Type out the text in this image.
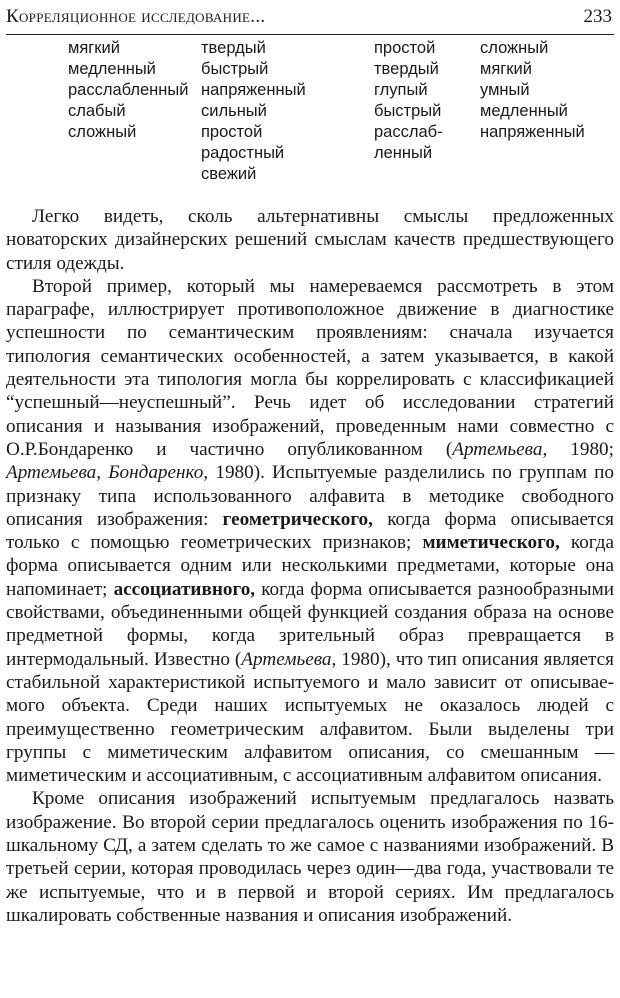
Корреляционное исследование...	233
мягкий
медленный
расслабленный
слабый
сложный
твердый
быстрый
напряженный
сильный
простой
радостный
свежий
простой
твердый
глупый
быстрый
расслаб-
ленный
сложный
мягкий
умный
медленный
напряженный

Легко видеть, сколь альтернативны смыслы предложенных новаторских дизайнерских решений смыслам качеств предшествующего стиля одежды.

Второй пример, который мы намереваемся рассмотреть в этом параграфе, иллюстрирует противоположное движение в диагностике успешности по семантическим проявлениям: сначала изучается типология семантических особенностей, а затем указывается, в какой деятельности эта типология могла бы коррелировать с классификацией “успешный—неуспешный”. Речь идет об исследовании стратегий описания и называния изображений, проведенным нами совместно с О.Р.Бондаренко и частично опубликованном (Артемьева, 1980; Артемьева, Бондаренко, 1980). Испытуемые разделились по группам по признаку типа использованного алфавита в методике свободного описания изображения: геометрического, когда форма описывается только с помощью геометрических признаков; миметического, когда форма описывается одним или несколькими предметами, которые она напоминает; ассоциативного, когда форма описывается разнообразными свойствами, объединенными общей функцией создания образа на основе предметной формы, когда зрительный образ превращается в интермодальный. Известно (Артемьева, 1980), что тип описания является стабильной характеристикой испытуемого и мало зависит от описываемого объекта. Среди наших испытуемых не оказалось людей с преимущественно геометрическим алфавитом. Были выделены три группы с миметическим алфавитом описания, со смешанным — миметическим и ассоциативным, с ассоциативным алфавитом описания.

Кроме описания изображений испытуемым предлагалось назвать изображение. Во второй серии предлагалось оценить изображения по 16-шкальному СД, а затем сделать то же самое с названиями изображений. В третьей серии, которая проводилась через один—два года, участвовали те же испытуемые, что и в первой и второй сериях. Им предлагалось шкалировать собственные названия и описания изображений.
